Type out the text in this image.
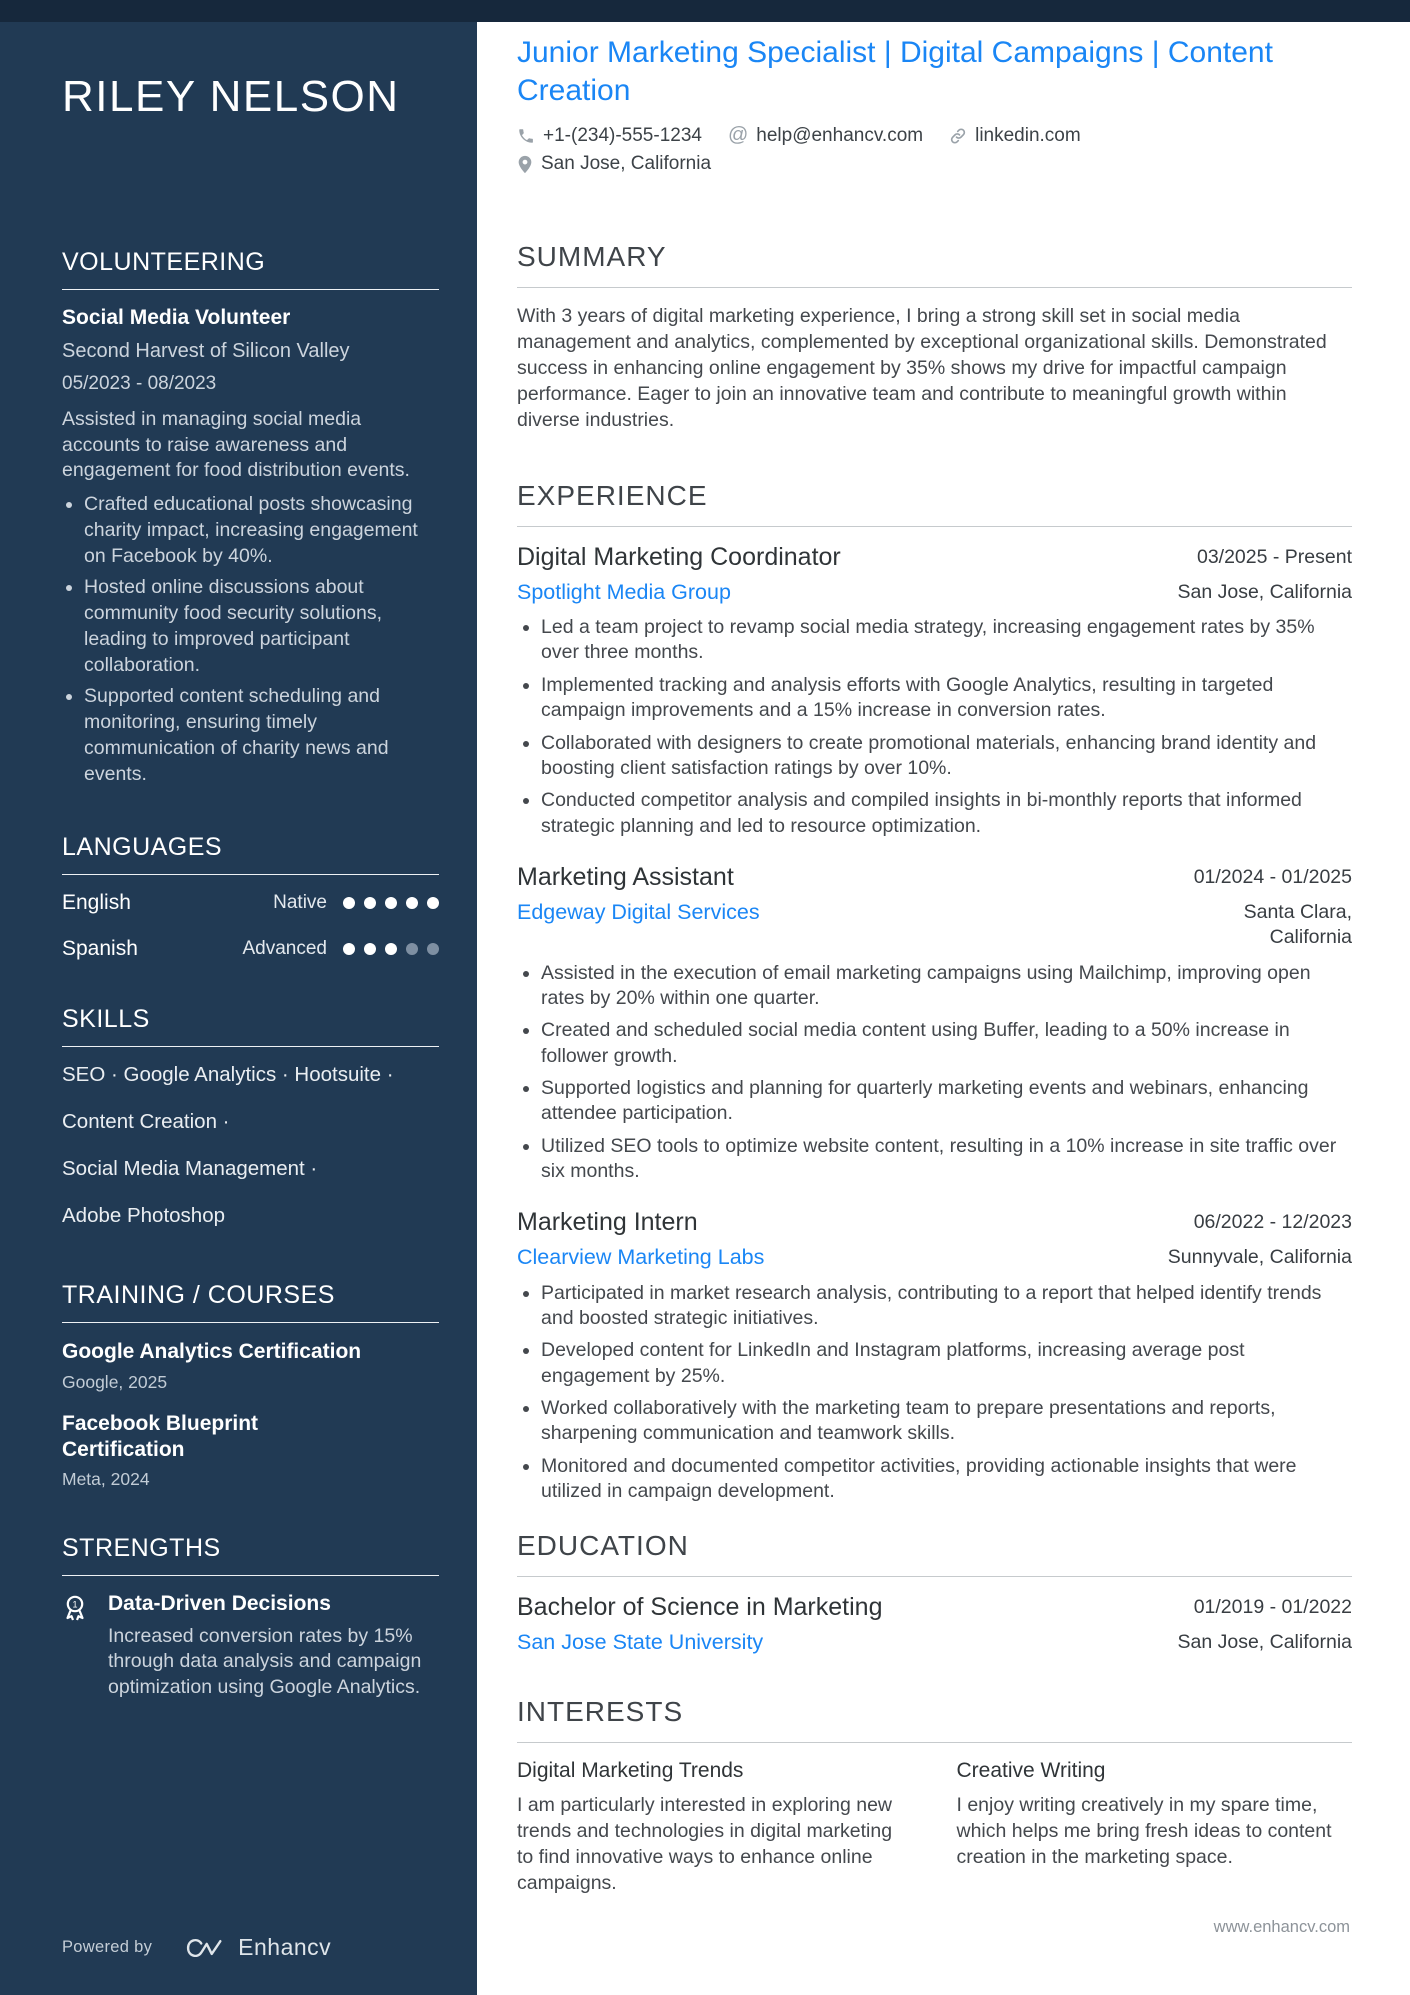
RILEY NELSON
VOLUNTEERING
Social Media Volunteer
Second Harvest of Silicon Valley
05/2023 - 08/2023
Assisted in managing social media accounts to raise awareness and engagement for food distribution events.
• Crafted educational posts showcasing charity impact, increasing engagement on Facebook by 40%.
• Hosted online discussions about community food security solutions, leading to improved participant collaboration.
• Supported content scheduling and monitoring, ensuring timely communication of charity news and events.
LANGUAGES
English	Native
Spanish	Advanced
SKILLS
SEO · Google Analytics · Hootsuite ·
Content Creation ·
Social Media Management ·
Adobe Photoshop
TRAINING / COURSES
Google Analytics Certification
Google, 2025
Facebook Blueprint Certification
Meta, 2024
STRENGTHS
1 Data-Driven Decisions
Increased conversion rates by 15% through data analysis and campaign optimization using Google Analytics.
Powered by	Enhancv
Junior Marketing Specialist | Digital Campaigns | Content Creation
+1-(234)-555-1234 @ help@enhancv.com	linkedin.com
San Jose, California
SUMMARY
With 3 years of digital marketing experience, I bring a strong skill set in social media management and analytics, complemented by exceptional organizational skills. Demonstrated success in enhancing online engagement by 35% shows my drive for impactful campaign performance. Eager to join an innovative team and contribute to meaningful growth within diverse industries.
EXPERIENCE
Digital Marketing Coordinator	03/2025 - Present
Spotlight Media Group	San Jose, California
• Led a team project to revamp social media strategy, increasing engagement rates by 35% over three months.
• Implemented tracking and analysis efforts with Google Analytics, resulting in targeted campaign improvements and a 15% increase in conversion rates.
• Collaborated with designers to create promotional materials, enhancing brand identity and boosting client satisfaction ratings by over 10%.
• Conducted competitor analysis and compiled insights in bi-monthly reports that informed strategic planning and led to resource optimization.
Marketing Assistant	01/2024 - 01/2025
Edgeway Digital Services	Santa Clara, California
• Assisted in the execution of email marketing campaigns using Mailchimp, improving open rates by 20% within one quarter.
• Created and scheduled social media content using Buffer, leading to a 50% increase in follower growth.
• Supported logistics and planning for quarterly marketing events and webinars, enhancing attendee participation.
• Utilized SEO tools to optimize website content, resulting in a 10% increase in site traffic over six months.
Marketing Intern	06/2022 - 12/2023
Clearview Marketing Labs	Sunnyvale, California
• Participated in market research analysis, contributing to a report that helped identify trends and boosted strategic initiatives.
• Developed content for LinkedIn and Instagram platforms, increasing average post engagement by 25%.
• Worked collaboratively with the marketing team to prepare presentations and reports, sharpening communication and teamwork skills.
• Monitored and documented competitor activities, providing actionable insights that were utilized in campaign development.
EDUCATION
Bachelor of Science in Marketing	01/2019 - 01/2022
San Jose State University	San Jose, California
INTERESTS
Digital Marketing Trends
I am particularly interested in exploring new trends and technologies in digital marketing to find innovative ways to enhance online campaigns.
Creative Writing
I enjoy writing creatively in my spare time, which helps me bring fresh ideas to content creation in the marketing space.
www.enhancv.com
